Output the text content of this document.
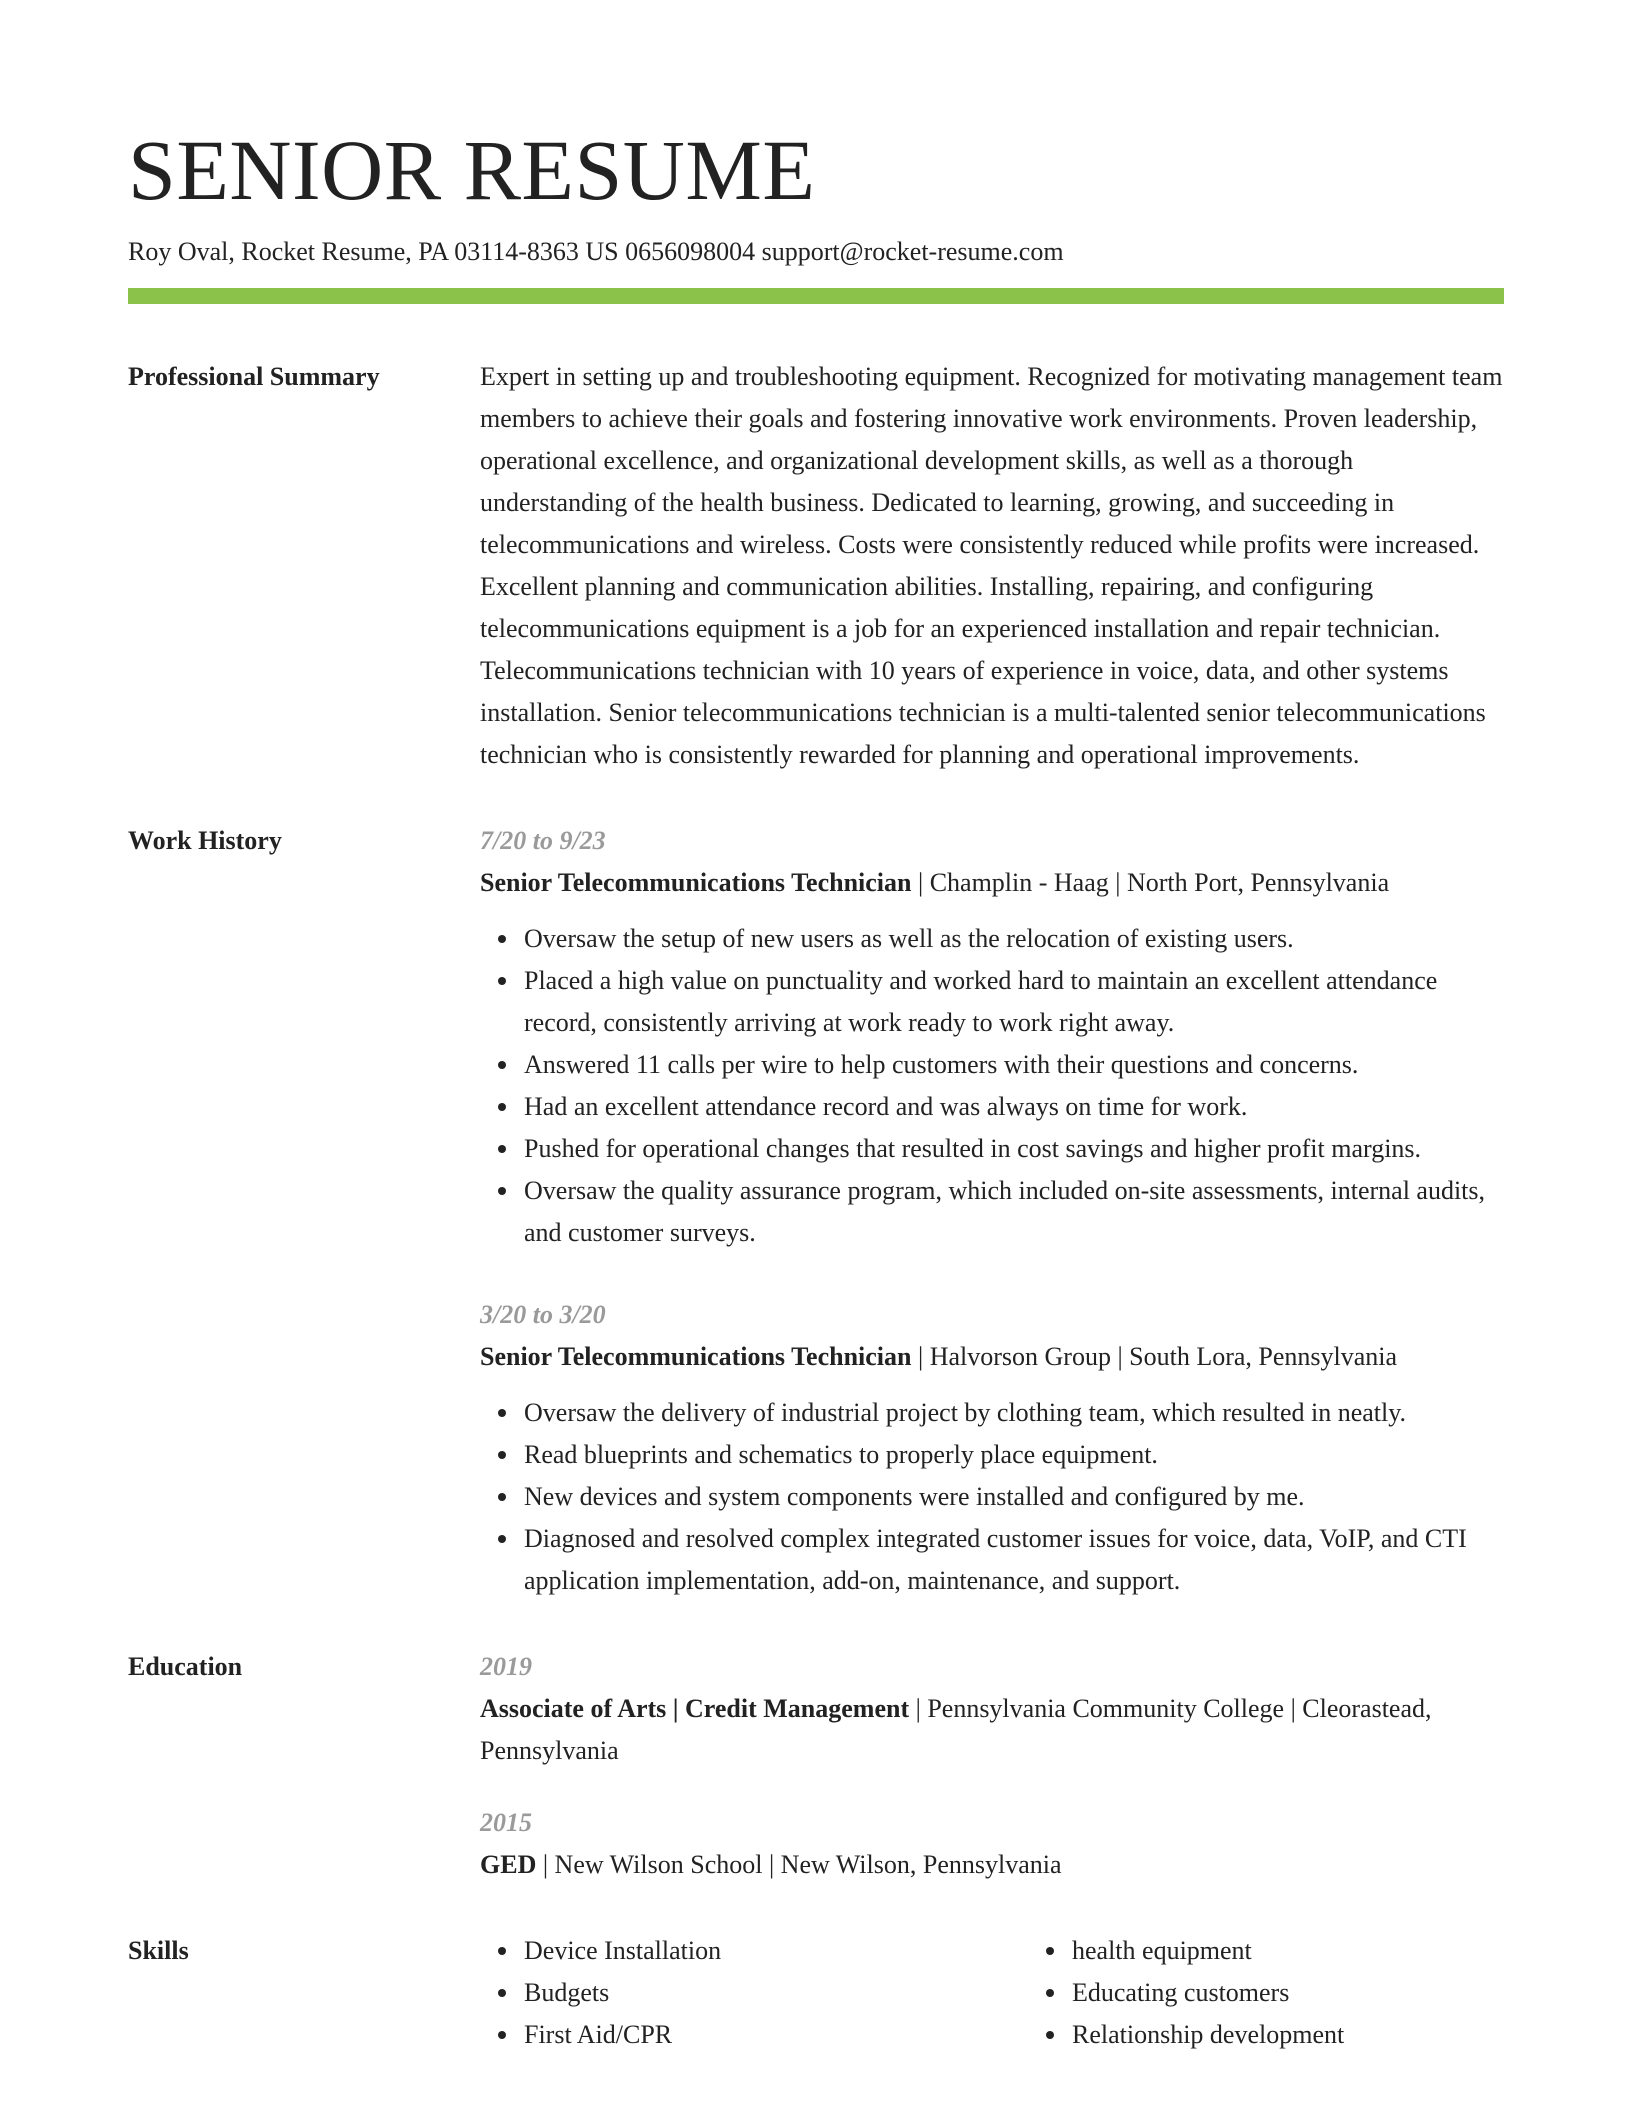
SENIOR RESUME
Roy Oval, Rocket Resume, PA 03114-8363 US 0656098004 support@rocket-resume.com
Professional Summary	Expert in setting up and troubleshooting equipment. Recognized for motivating management team members to achieve their goals and fostering innovative work environments. Proven leadership, operational excellence, and organizational development skills, as well as a thorough understanding of the health business. Dedicated to learning, growing, and succeeding in telecommunications and wireless. Costs were consistently reduced while profits were increased. Excellent planning and communication abilities. Installing, repairing, and configuring telecommunications equipment is a job for an experienced installation and repair technician. Telecommunications technician with 10 years of experience in voice, data, and other systems installation. Senior telecommunications technician is a multi-talented senior telecommunications technician who is consistently rewarded for planning and operational improvements.

Work History	7/20 to 9/23
Senior Telecommunications Technician | Champlin - Haag | North Port, Pennsylvania
Oversaw the setup of new users as well as the relocation of existing users.
Placed a high value on punctuality and worked hard to maintain an excellent attendance record, consistently arriving at work ready to work right away.
Answered 11 calls per wire to help customers with their questions and concerns.
Had an excellent attendance record and was always on time for work.
Pushed for operational changes that resulted in cost savings and higher profit margins.
Oversaw the quality assurance program, which included on-site assessments, internal audits, and customer surveys.
3/20 to 3/20
Senior Telecommunications Technician | Halvorson Group | South Lora, Pennsylvania
Oversaw the delivery of industrial project by clothing team, which resulted in neatly.
Read blueprints and schematics to properly place equipment.
New devices and system components were installed and configured by me.
Diagnosed and resolved complex integrated customer issues for voice, data, VoIP, and CTI application implementation, add-on, maintenance, and support.
Education	2019
Associate of Arts | Credit Management | Pennsylvania Community College | Cleorastead, Pennsylvania
2015
GED | New Wilson School | New Wilson, Pennsylvania
Skills	Device Installation
Budgets
First Aid/CPR
health equipment
Educating customers
Relationship development
